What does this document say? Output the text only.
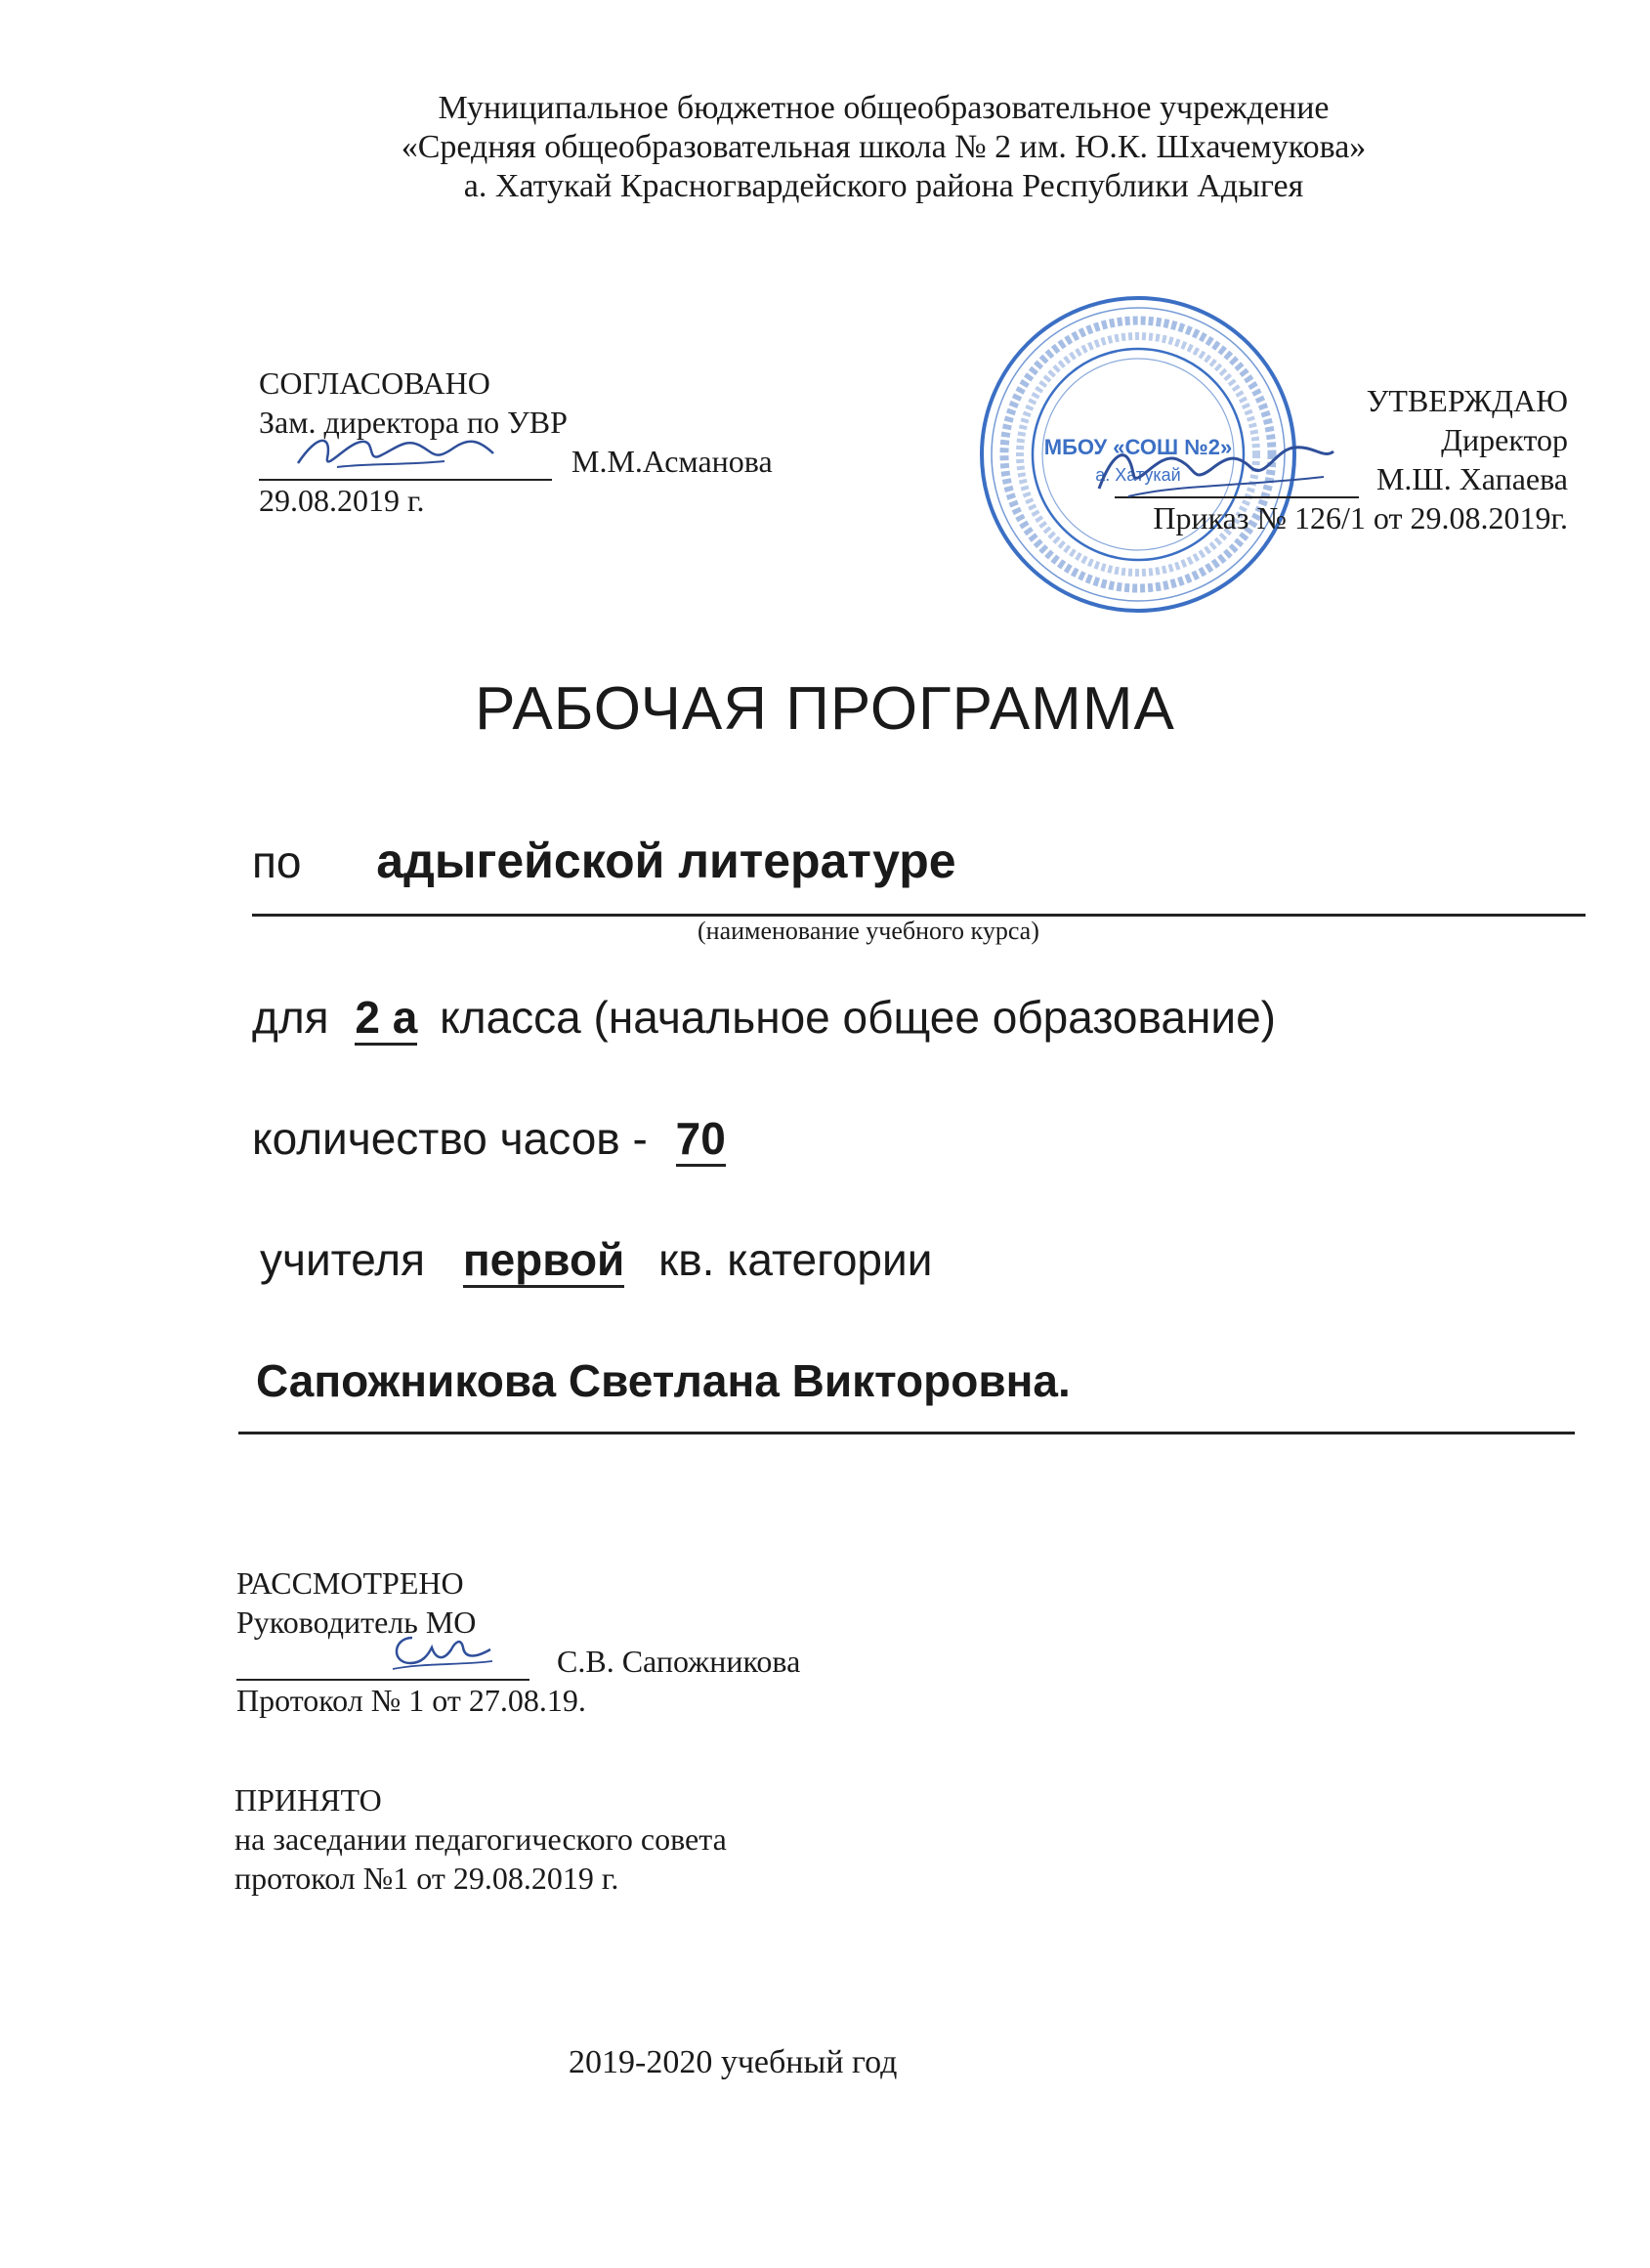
Муниципальное бюджетное общеобразовательное учреждение
«Средняя общеобразовательная школа № 2 им. Ю.К. Шхачемукова»
а. Хатукай Красногвардейского района Республики Адыгея
СОГЛАСОВАНО
Зам. директора по УВР
М.М.Асманова
29.08.2019 г.
МБОУ «СОШ №2»
а. Хатукай
УТВЕРЖДАЮ
Директор
М.Ш. Хапаева
Приказ № 126/1 от 29.08.2019г.
РАБОЧАЯ ПРОГРАММА
по адыгейской литературе
(наименование учебного курса)
для 2 а класса (начальное общее образование)
количество часов - 70
учителя первой кв. категории
Сапожникова Светлана Викторовна.
РАССМОТРЕНО
Руководитель МО
С.В. Сапожникова
Протокол № 1 от 27.08.19.
ПРИНЯТО
на заседании педагогического совета
протокол №1 от 29.08.2019 г.
2019-2020 учебный год
